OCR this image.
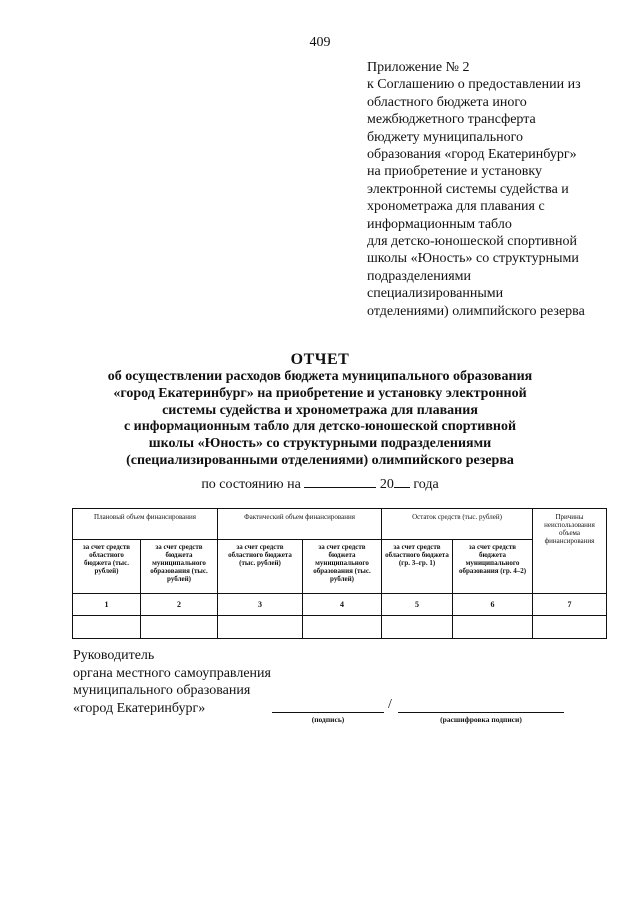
409
Приложение № 2
к Соглашению о предоставлении из
областного бюджета иного
межбюджетного трансферта
бюджету муниципального
образования «город Екатеринбург»
на приобретение и установку
электронной системы судейства и
хронометража для плавания с
информационным табло
для детско-юношеской спортивной
школы «Юность» со структурными
подразделениями
специализированными
отделениями) олимпийского резерва
ОТЧЕТ
об осуществлении расходов бюджета муниципального образования
«город Екатеринбург» на приобретение и установку электронной
системы судейства и хронометража для плавания
с информационным табло для детско-юношеской спортивной
школы «Юность» со структурными подразделениями
(специализированными отделениями) олимпийского резерва
по состоянию на	20 года
Плановый объем финансирования		Фактический объем финансирования		Остаток средств (тыс. рублей)		Причины неиспользования объема финансирования
за счет средств областного бюджета (тыс. рублей)	за счет средств бюджета муниципального образования (тыс. рублей)	за счет средств областного бюджета (тыс. рублей)	за счет средств бюджета муниципального образования (тыс. рублей)	за счет средств областного бюджета (гр. 3–гр. 1)	за счет средств бюджета муниципального образования (гр. 4–2)	
1	2	3	4	5	6	7

Руководитель
органа местного самоуправления
муниципального образования
«город Екатеринбург»	/
(подпись)	(расшифровка подписи)
